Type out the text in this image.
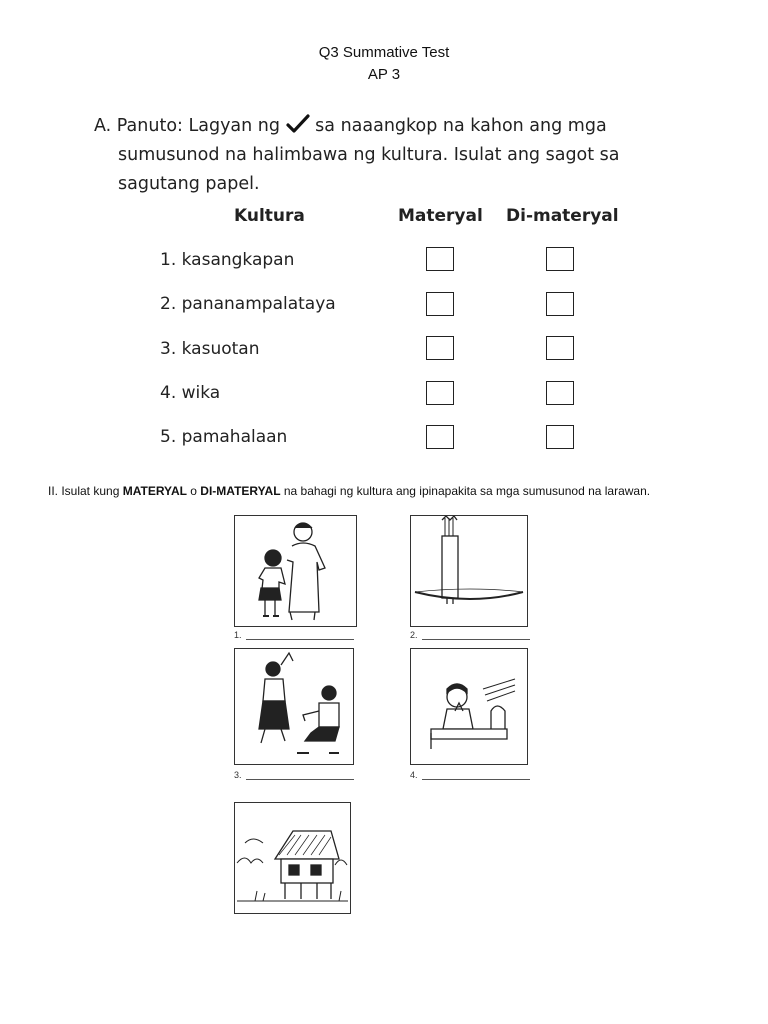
Q3 Summative Test
AP 3
A. Panuto: Lagyan ng sa naaangkop na kahon ang mga
sumusunod na halimbawa ng kultura. Isulat ang sagot sa
sagutang papel.
Kultura	Materyal Di-materyal
1. kasangkapan
2. pananampalataya
3. kasuotan
4. wika
5. pamahalaan
II. Isulat kung MATERYAL o DI-MATERYAL na bahagi ng kultura ang ipinapakita sa mga sumusunod na larawan.
1.	2.
3.	4.
